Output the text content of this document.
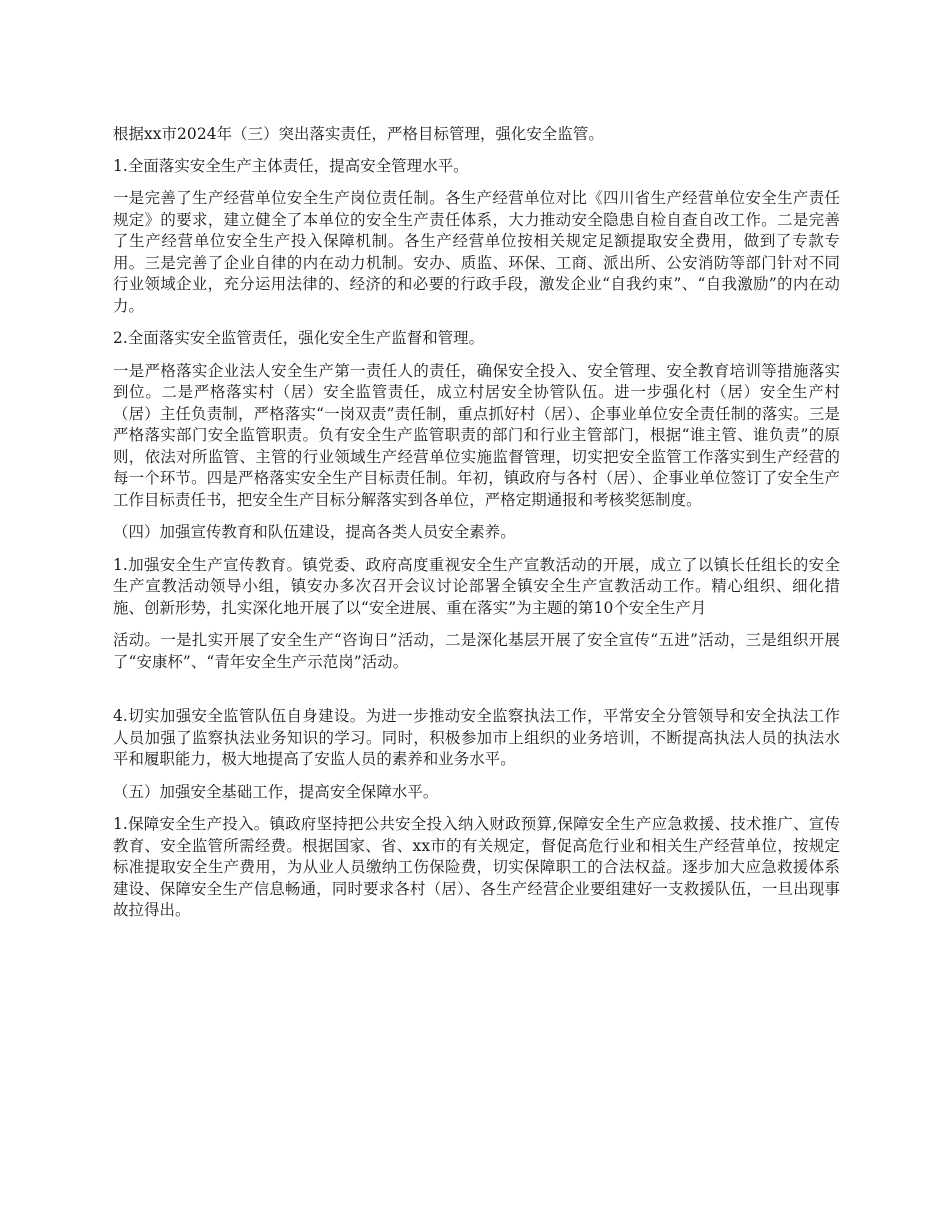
根据xx市2024年（三）突出落实责任，严格目标管理，强化安全监管。

1.全面落实安全生产主体责任，提高安全管理水平。

一是完善了生产经营单位安全生产岗位责任制。各生产经营单位对比《四川省生产经营单位安全生产责任规定》的要求，建立健全了本单位的安全生产责任体系，大力推动安全隐患自检自查自改工作。二是完善了生产经营单位安全生产投入保障机制。各生产经营单位按相关规定足额提取安全费用，做到了专款专用。三是完善了企业自律的内在动力机制。安办、质监、环保、工商、派出所、公安消防等部门针对不同行业领域企业，充分运用法律的、经济的和必要的行政手段，激发企业“自我约束”、“自我激励”的内在动力。

2.全面落实安全监管责任，强化安全生产监督和管理。

一是严格落实企业法人安全生产第一责任人的责任，确保安全投入、安全管理、安全教育培训等措施落实到位。二是严格落实村（居）安全监管责任，成立村居安全协管队伍。进一步强化村（居）安全生产村（居）主任负责制，严格落实“一岗双责”责任制，重点抓好村（居）、企事业单位安全责任制的落实。三是严格落实部门安全监管职责。负有安全生产监管职责的部门和行业主管部门，根据“谁主管、谁负责”的原则，依法对所监管、主管的行业领域生产经营单位实施监督管理，切实把安全监管工作落实到生产经营的每一个环节。四是严格落实安全生产目标责任制。年初，镇政府与各村（居）、企事业单位签订了安全生产工作目标责任书，把安全生产目标分解落实到各单位，严格定期通报和考核奖惩制度。

（四）加强宣传教育和队伍建设，提高各类人员安全素养。

1.加强安全生产宣传教育。镇党委、政府高度重视安全生产宣教活动的开展，成立了以镇长任组长的安全生产宣教活动领导小组，镇安办多次召开会议讨论部署全镇安全生产宣教活动工作。精心组织、细化措施、创新形势，扎实深化地开展了以“安全进展、重在落实”为主题的第10个安全生产月

活动。一是扎实开展了安全生产“咨询日”活动，二是深化基层开展了安全宣传“五进”活动，三是组织开展了“安康杯”、“青年安全生产示范岗”活动。

4.切实加强安全监管队伍自身建设。为进一步推动安全监察执法工作，平常安全分管领导和安全执法工作人员加强了监察执法业务知识的学习。同时，积极参加市上组织的业务培训，不断提高执法人员的执法水平和履职能力，极大地提高了安监人员的素养和业务水平。

（五）加强安全基础工作，提高安全保障水平。

1.保障安全生产投入。镇政府坚持把公共安全投入纳入财政预算,保障安全生产应急救援、技术推广、宣传教育、安全监管所需经费。根据国家、省、xx市的有关规定，督促高危行业和相关生产经营单位，按规定标准提取安全生产费用，为从业人员缴纳工伤保险费，切实保障职工的合法权益。逐步加大应急救援体系建设、保障安全生产信息畅通，同时要求各村（居）、各生产经营企业要组建好一支救援队伍，一旦出现事故拉得出。
